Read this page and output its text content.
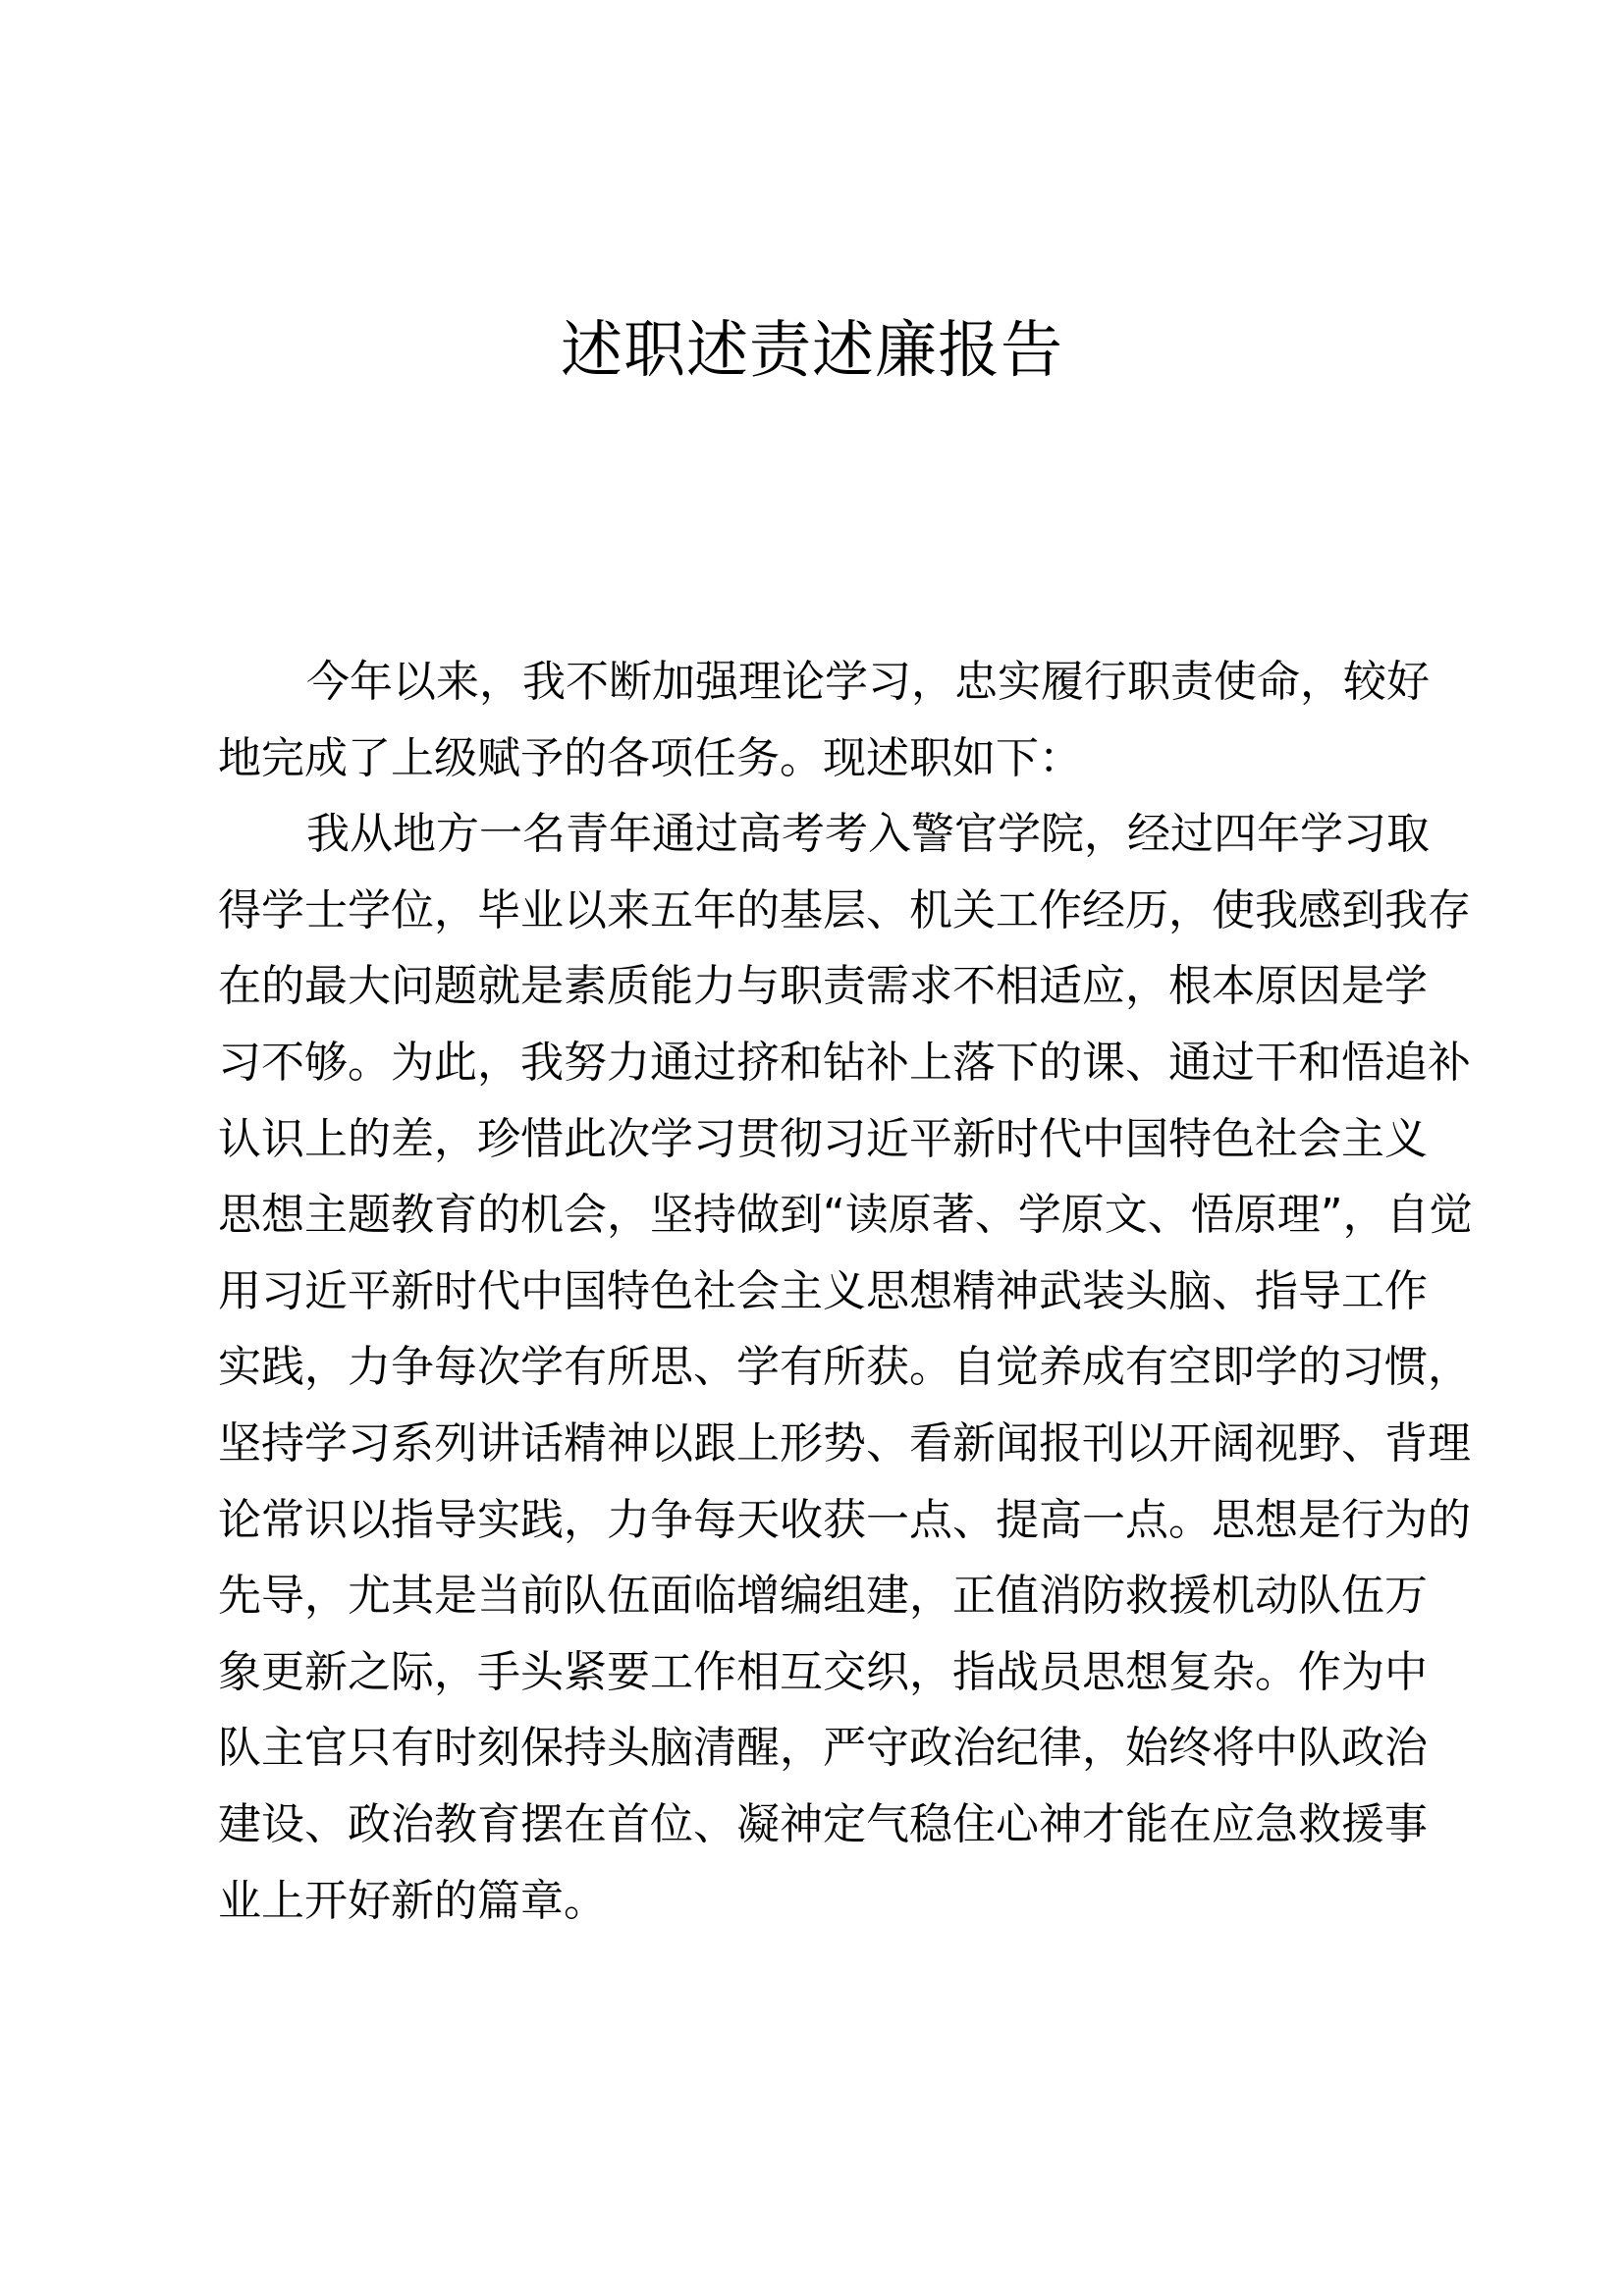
述职述责述廉报告
今年以来，我不断加强理论学习，忠实履行职责使命，较好
地完成了上级赋予的各项任务。现述职如下：
我从地方一名青年通过高考考入警官学院，经过四年学习取
得学士学位，毕业以来五年的基层、机关工作经历，使我感到我存
在的最大问题就是素质能力与职责需求不相适应，根本原因是学
习不够。为此，我努力通过挤和钻补上落下的课、通过干和悟追补
认识上的差，珍惜此次学习贯彻习近平新时代中国特色社会主义
思想主题教育的机会，坚持做到“读原著、学原文、悟原理”，自觉
用习近平新时代中国特色社会主义思想精神武装头脑、指导工作
实践，力争每次学有所思、学有所获。自觉养成有空即学的习惯，
坚持学习系列讲话精神以跟上形势、看新闻报刊以开阔视野、背理
论常识以指导实践，力争每天收获一点、提高一点。思想是行为的
先导，尤其是当前队伍面临增编组建，正值消防救援机动队伍万
象更新之际，手头紧要工作相互交织，指战员思想复杂。作为中
队主官只有时刻保持头脑清醒，严守政治纪律，始终将中队政治
建设、政治教育摆在首位、凝神定气稳住心神才能在应急救援事
业上开好新的篇章。
